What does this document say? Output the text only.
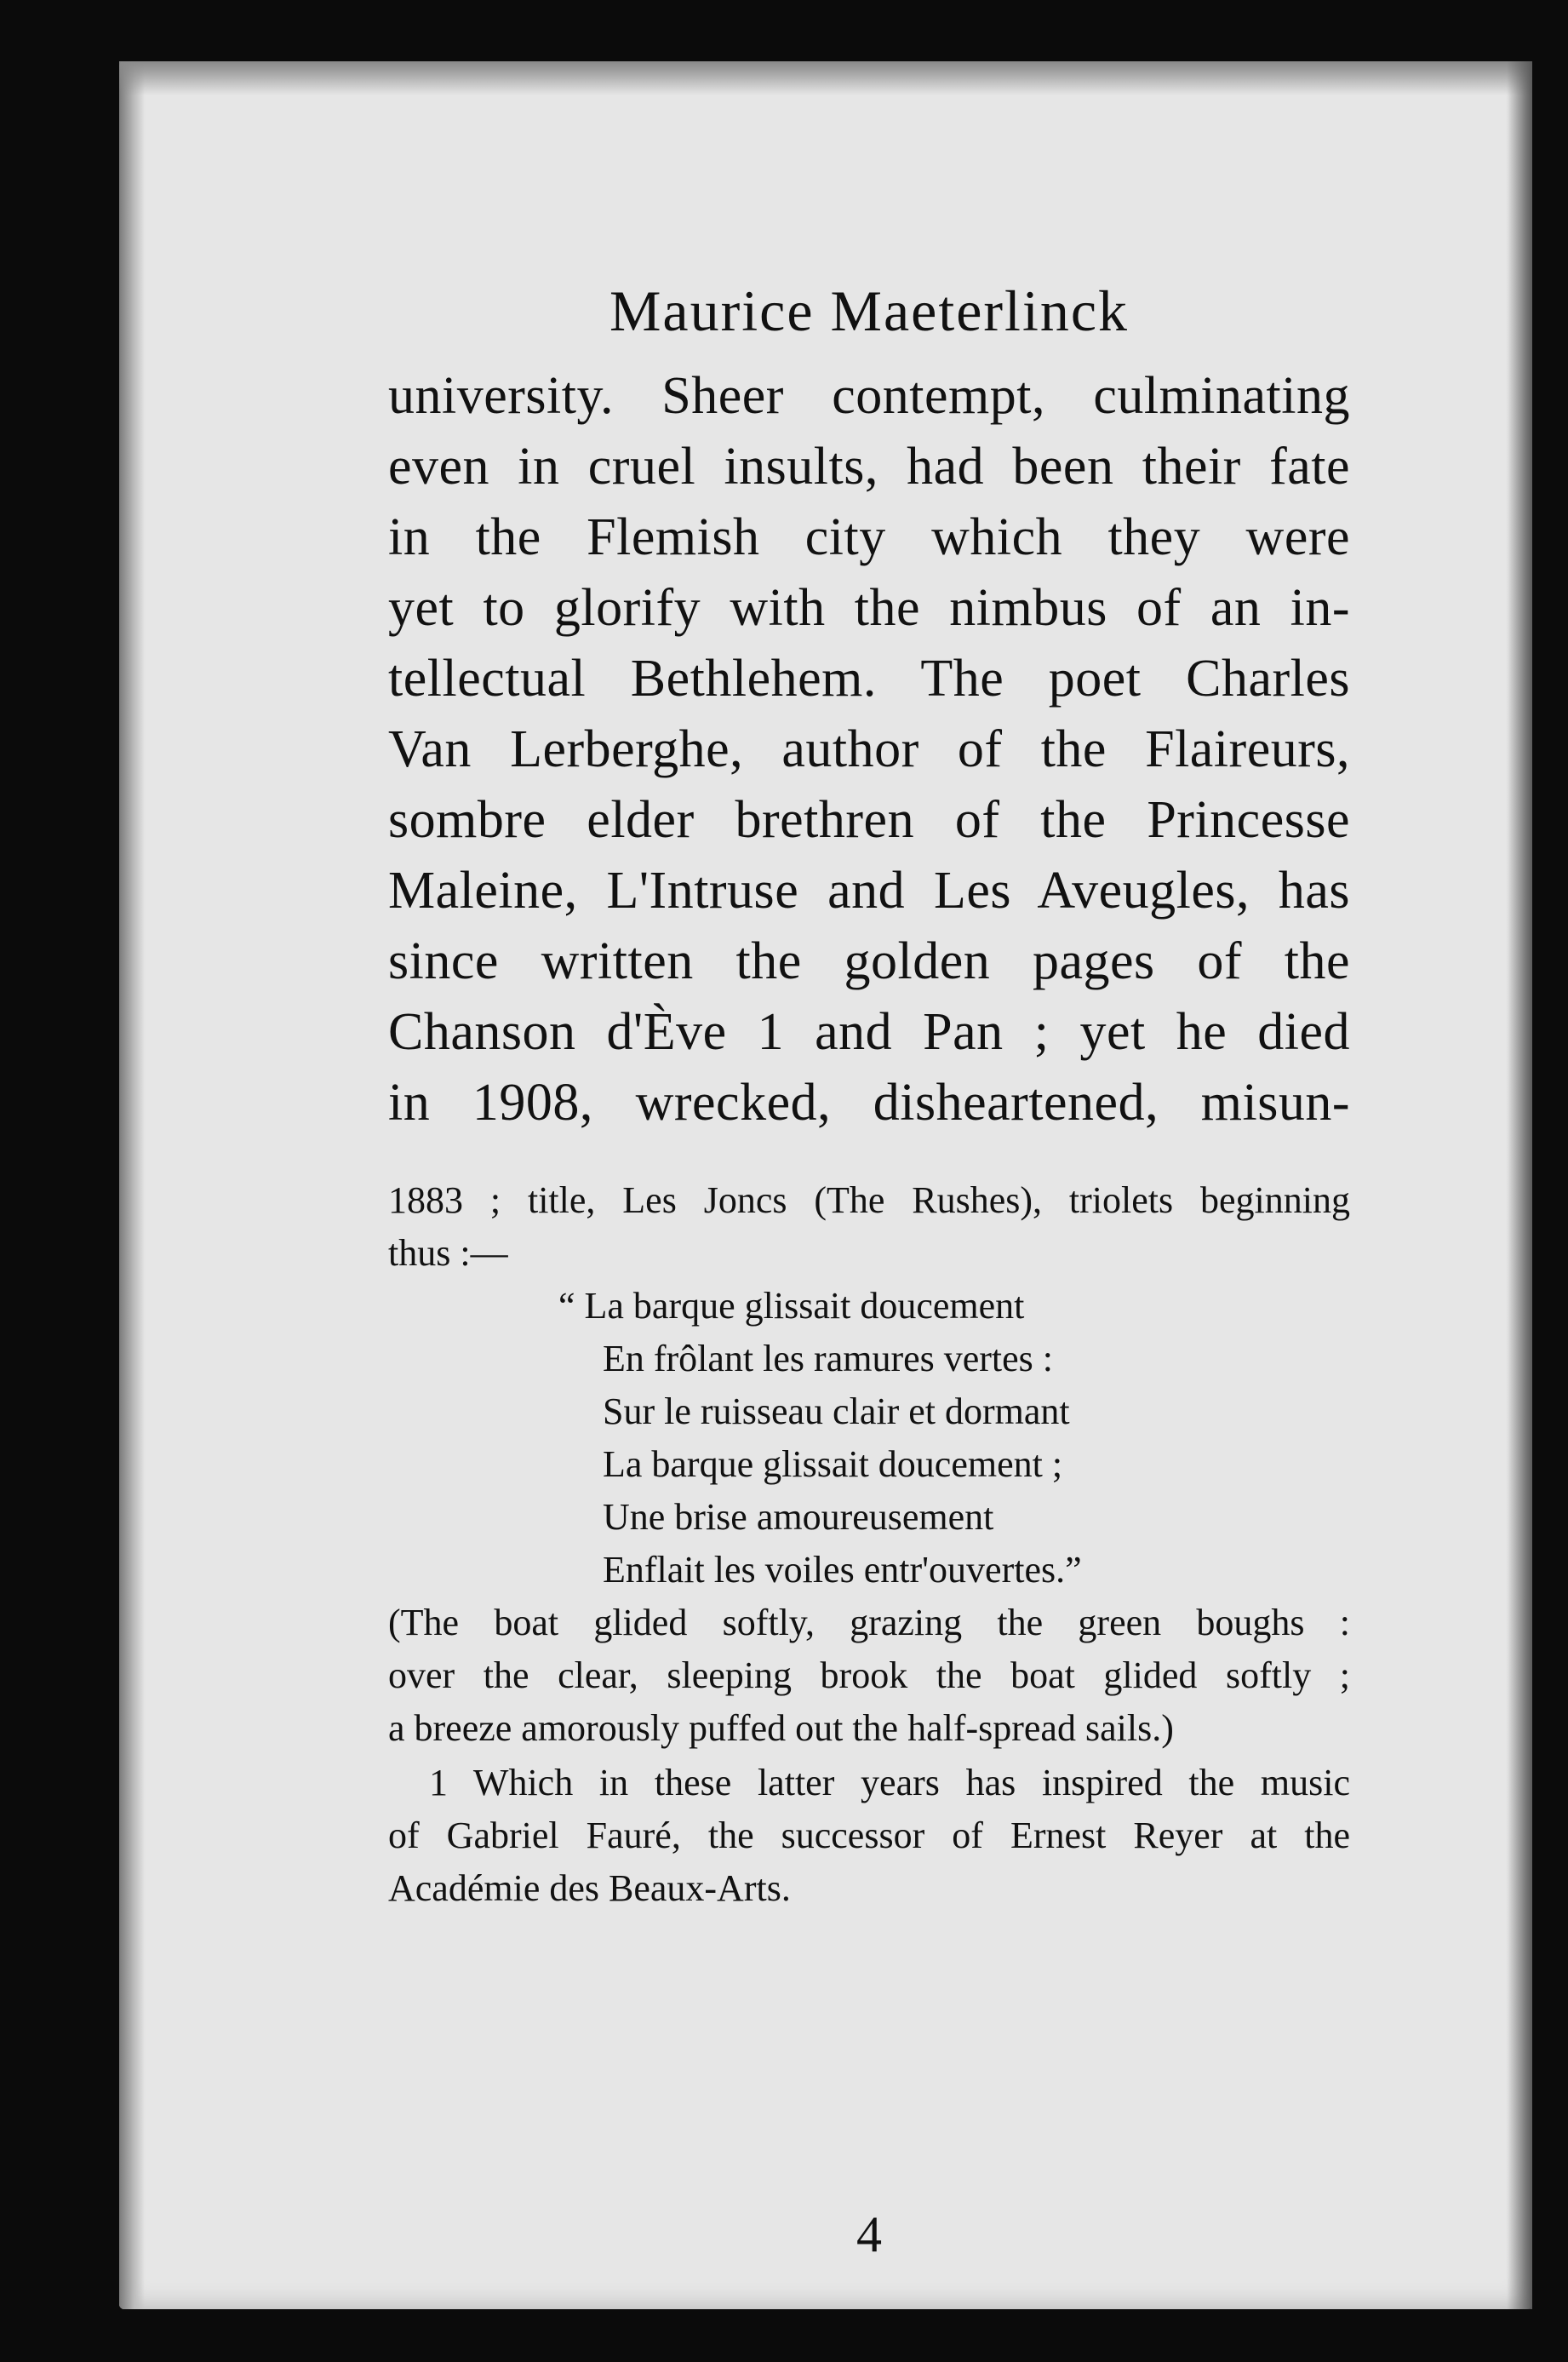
Maurice Maeterlinck
university. Sheer contempt, culminating
even in cruel insults, had been their fate
in the Flemish city which they were
yet to glorify with the nimbus of an in-
tellectual Bethlehem. The poet Charles
Van Lerberghe, author of the Flaireurs,
sombre elder brethren of the Princesse
Maleine, L'Intruse and Les Aveugles, has
since written the golden pages of the
Chanson d'Ève 1 and Pan ; yet he died
in 1908, wrecked, disheartened, misun-
1883 ; title, Les Joncs (The Rushes), triolets beginning
thus :—
“ La barque glissait doucement
En frôlant les ramures vertes :
Sur le ruisseau clair et dormant
La barque glissait doucement ;
Une brise amoureusement
Enflait les voiles entr'ouvertes.”
(The boat glided softly, grazing the green boughs :
over the clear, sleeping brook the boat glided softly ;
a breeze amorously puffed out the half-spread sails.)
1 Which in these latter years has inspired the music
of Gabriel Fauré, the successor of Ernest Reyer at the
Académie des Beaux-Arts.
4
